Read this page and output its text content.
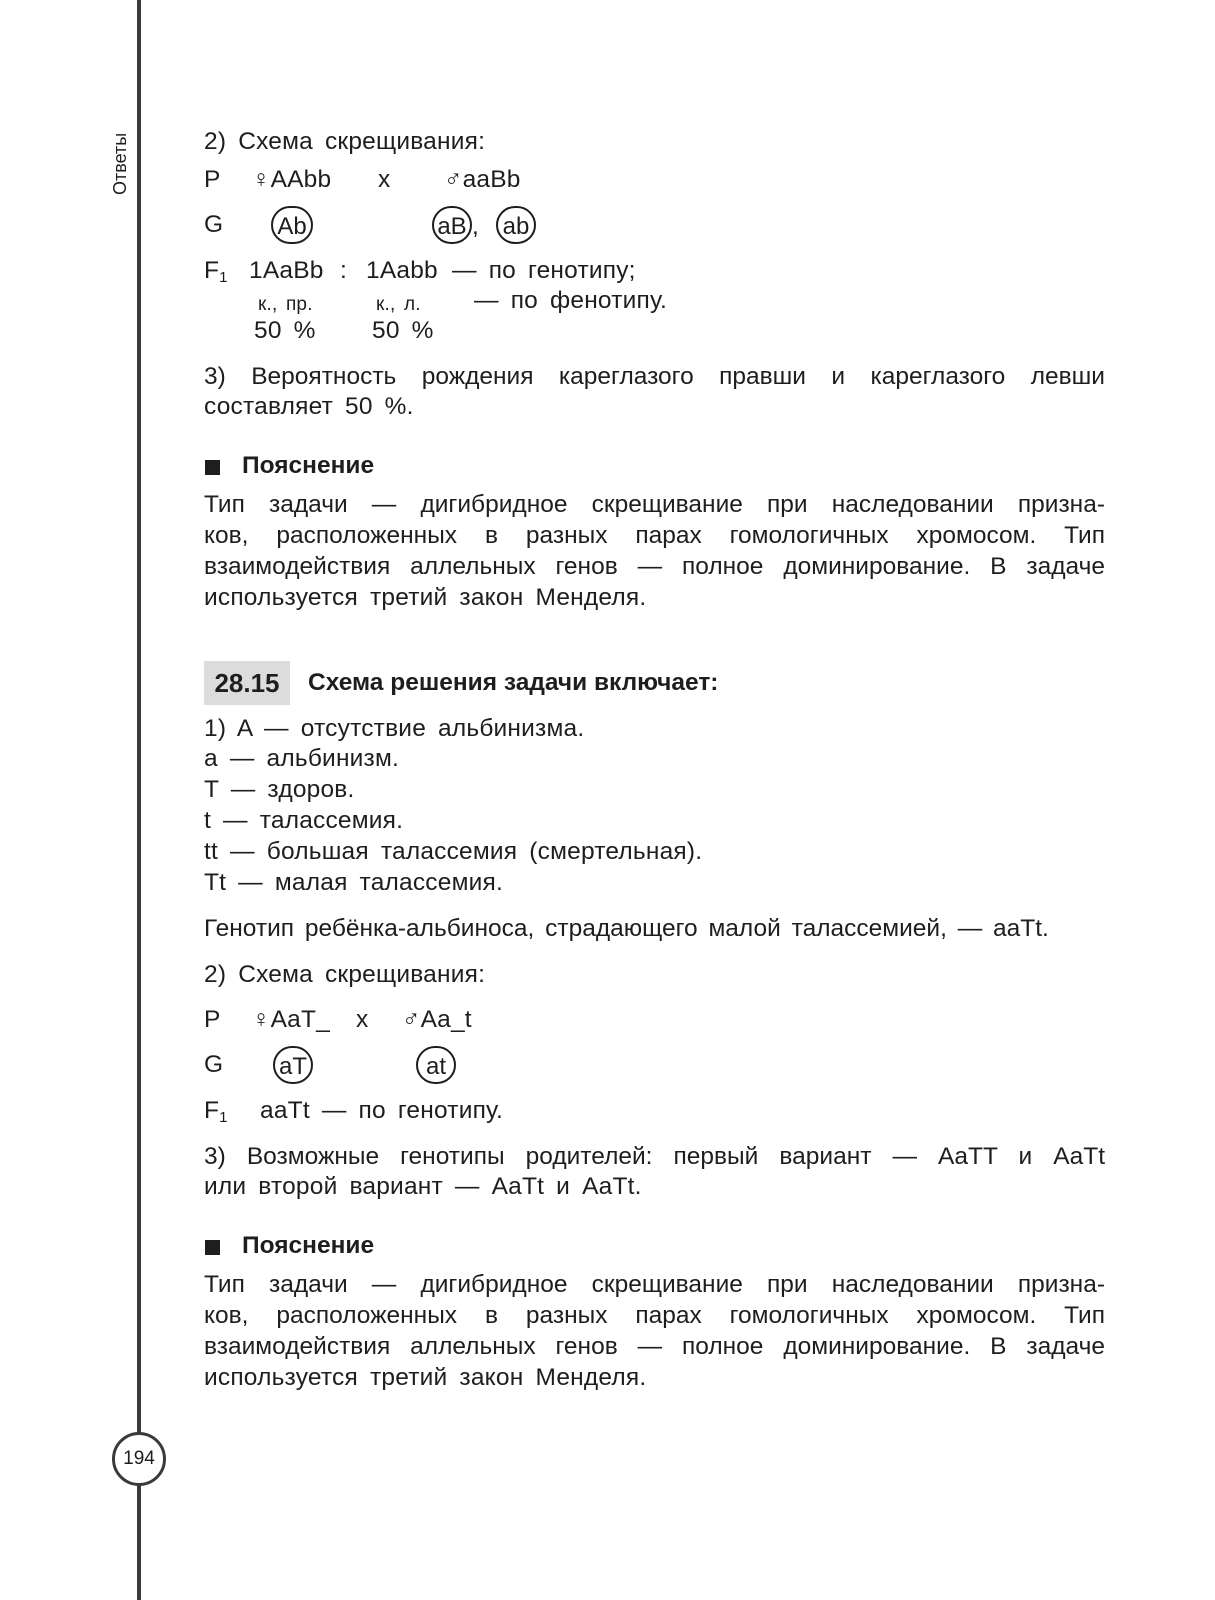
Ответы	2) Схема скрещивания:
P ♀AAbb x ♂aaBb
G Ab	aB , ab
$F_1$ 1AaBb : 1Aabb — по генотипу;
к., пр.	к., л. — по фенотипу.
50 % 50 %
3) Вероятность рождения кареглазого правши и кареглазого левши
составляет 50 %.
Пояснение
Тип задачи — дигибридное скрещивание при наследовании призна-
ков, расположенных в разных парах гомологичных хромосом. Тип
взаимодействия аллельных генов — полное доминирование. В задаче
используется третий закон Менделя.
28.15	Схема решения задачи включает:
1) A — отсутствие альбинизма.
a — альбинизм.
T — здоров.
t — талассемия.
tt — большая талассемия (смертельная).
Tt — малая талассемия.
Генотип ребёнка-альбиноса, страдающего малой талассемией, — aaTt.
2) Схема скрещивания:
P ♀AaT_ x ♂Aa_t
G aT	at
$F_1$ aaTt — по генотипу.
3) Возможные генотипы родителей: первый вариант — AaTT и AaTt
или второй вариант — AaTt и AaTt.
Пояснение
Тип задачи — дигибридное скрещивание при наследовании призна-
ков, расположенных в разных парах гомологичных хромосом. Тип
взаимодействия аллельных генов — полное доминирование. В задаче
используется третий закон Менделя.
194
